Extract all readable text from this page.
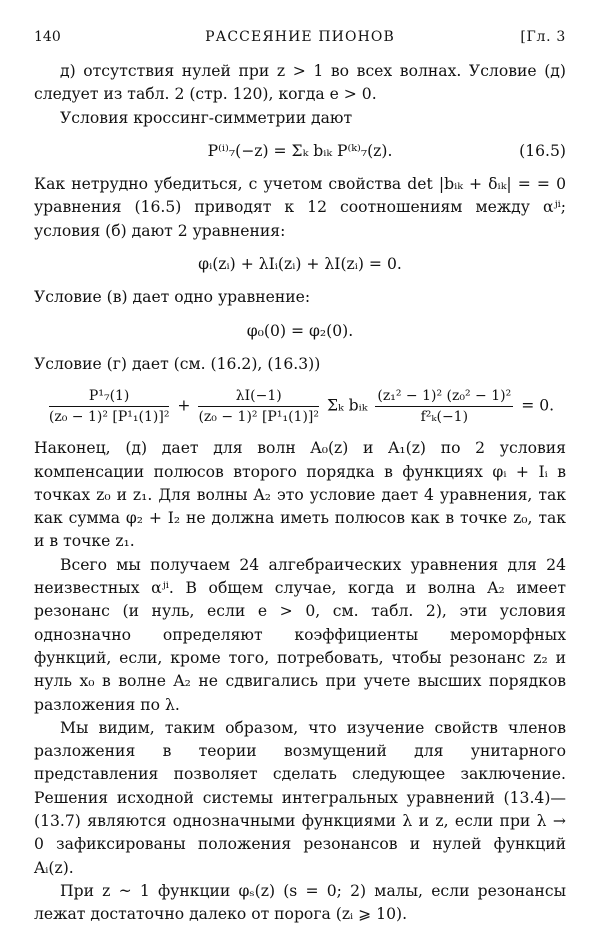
140	РАССЕЯНИЕ ПИОНОВ	[Гл. 3

д) отсутствия нулей при z > 1 во всех волнах. Условие (д) следует из табл. 2 (стр. 120), когда e > 0.

Условия кроссинг-симметрии дают

P⁽ⁱ⁾₇(−z) = Σₖ bᵢₖ P⁽ᵏ⁾₇(z).	(16.5)

Как нетрудно убедиться, с учетом свойства det |bᵢₖ + δᵢₖ| = = 0 уравнения (16.5) приводят к 12 соотношениям между αʲⁱ; условия (б) дают 2 уравнения:

φᵢ(zᵢ) + λIᵢ(zᵢ) + λI(zᵢ) = 0.

Условие (в) дает одно уравнение:

φ₀(0) = φ₂(0).

Условие (г) дает (см. (16.2), (16.3))

$\frac{\text{P¹₇(1)}}{\text{(z₀ − 1)² [P¹₁(1)]²}} + \frac{\lambda I(-1)}{\text{(z₀ − 1)² [P¹₁(1)]²}}$ Σₖ bᵢₖ $\frac{\text{(z₁² − 1)² (z₀² − 1)²}}{\text{f²ₖ(−1)}} = 0$.

Наконец, (д) дает для волн A₀(z) и A₁(z) по 2 условия компенсации полюсов второго порядка в функциях φᵢ + Iᵢ в точках z₀ и z₁. Для волны A₂ это условие дает 4 уравнения, так как сумма φ₂ + I₂ не должна иметь полюсов как в точке z₀, так и в точке z₁.

Всего мы получаем 24 алгебраических уравнения для 24 неизвестных αʲⁱ. В общем случае, когда и волна A₂ имеет резонанс (и нуль, если e > 0, см. табл. 2), эти условия однозначно определяют коэффициенты мероморфных функций, если, кроме того, потребовать, чтобы резонанс z₂ и нуль x₀ в волне A₂ не сдвигались при учете высших порядков разложения по λ.

Мы видим, таким образом, что изучение свойств членов разложения в теории возмущений для унитарного представления позволяет сделать следующее заключение. Решения исходной системы интегральных уравнений (13.4)—(13.7) являются однозначными функциями λ и z, если при λ → 0 зафиксированы положения резонансов и нулей функций Aᵢ(z).

При z ~ 1 функции φₛ(z) (s = 0; 2) малы, если резонансы лежат достаточно далеко от порога (zᵢ ⩾ 10).
